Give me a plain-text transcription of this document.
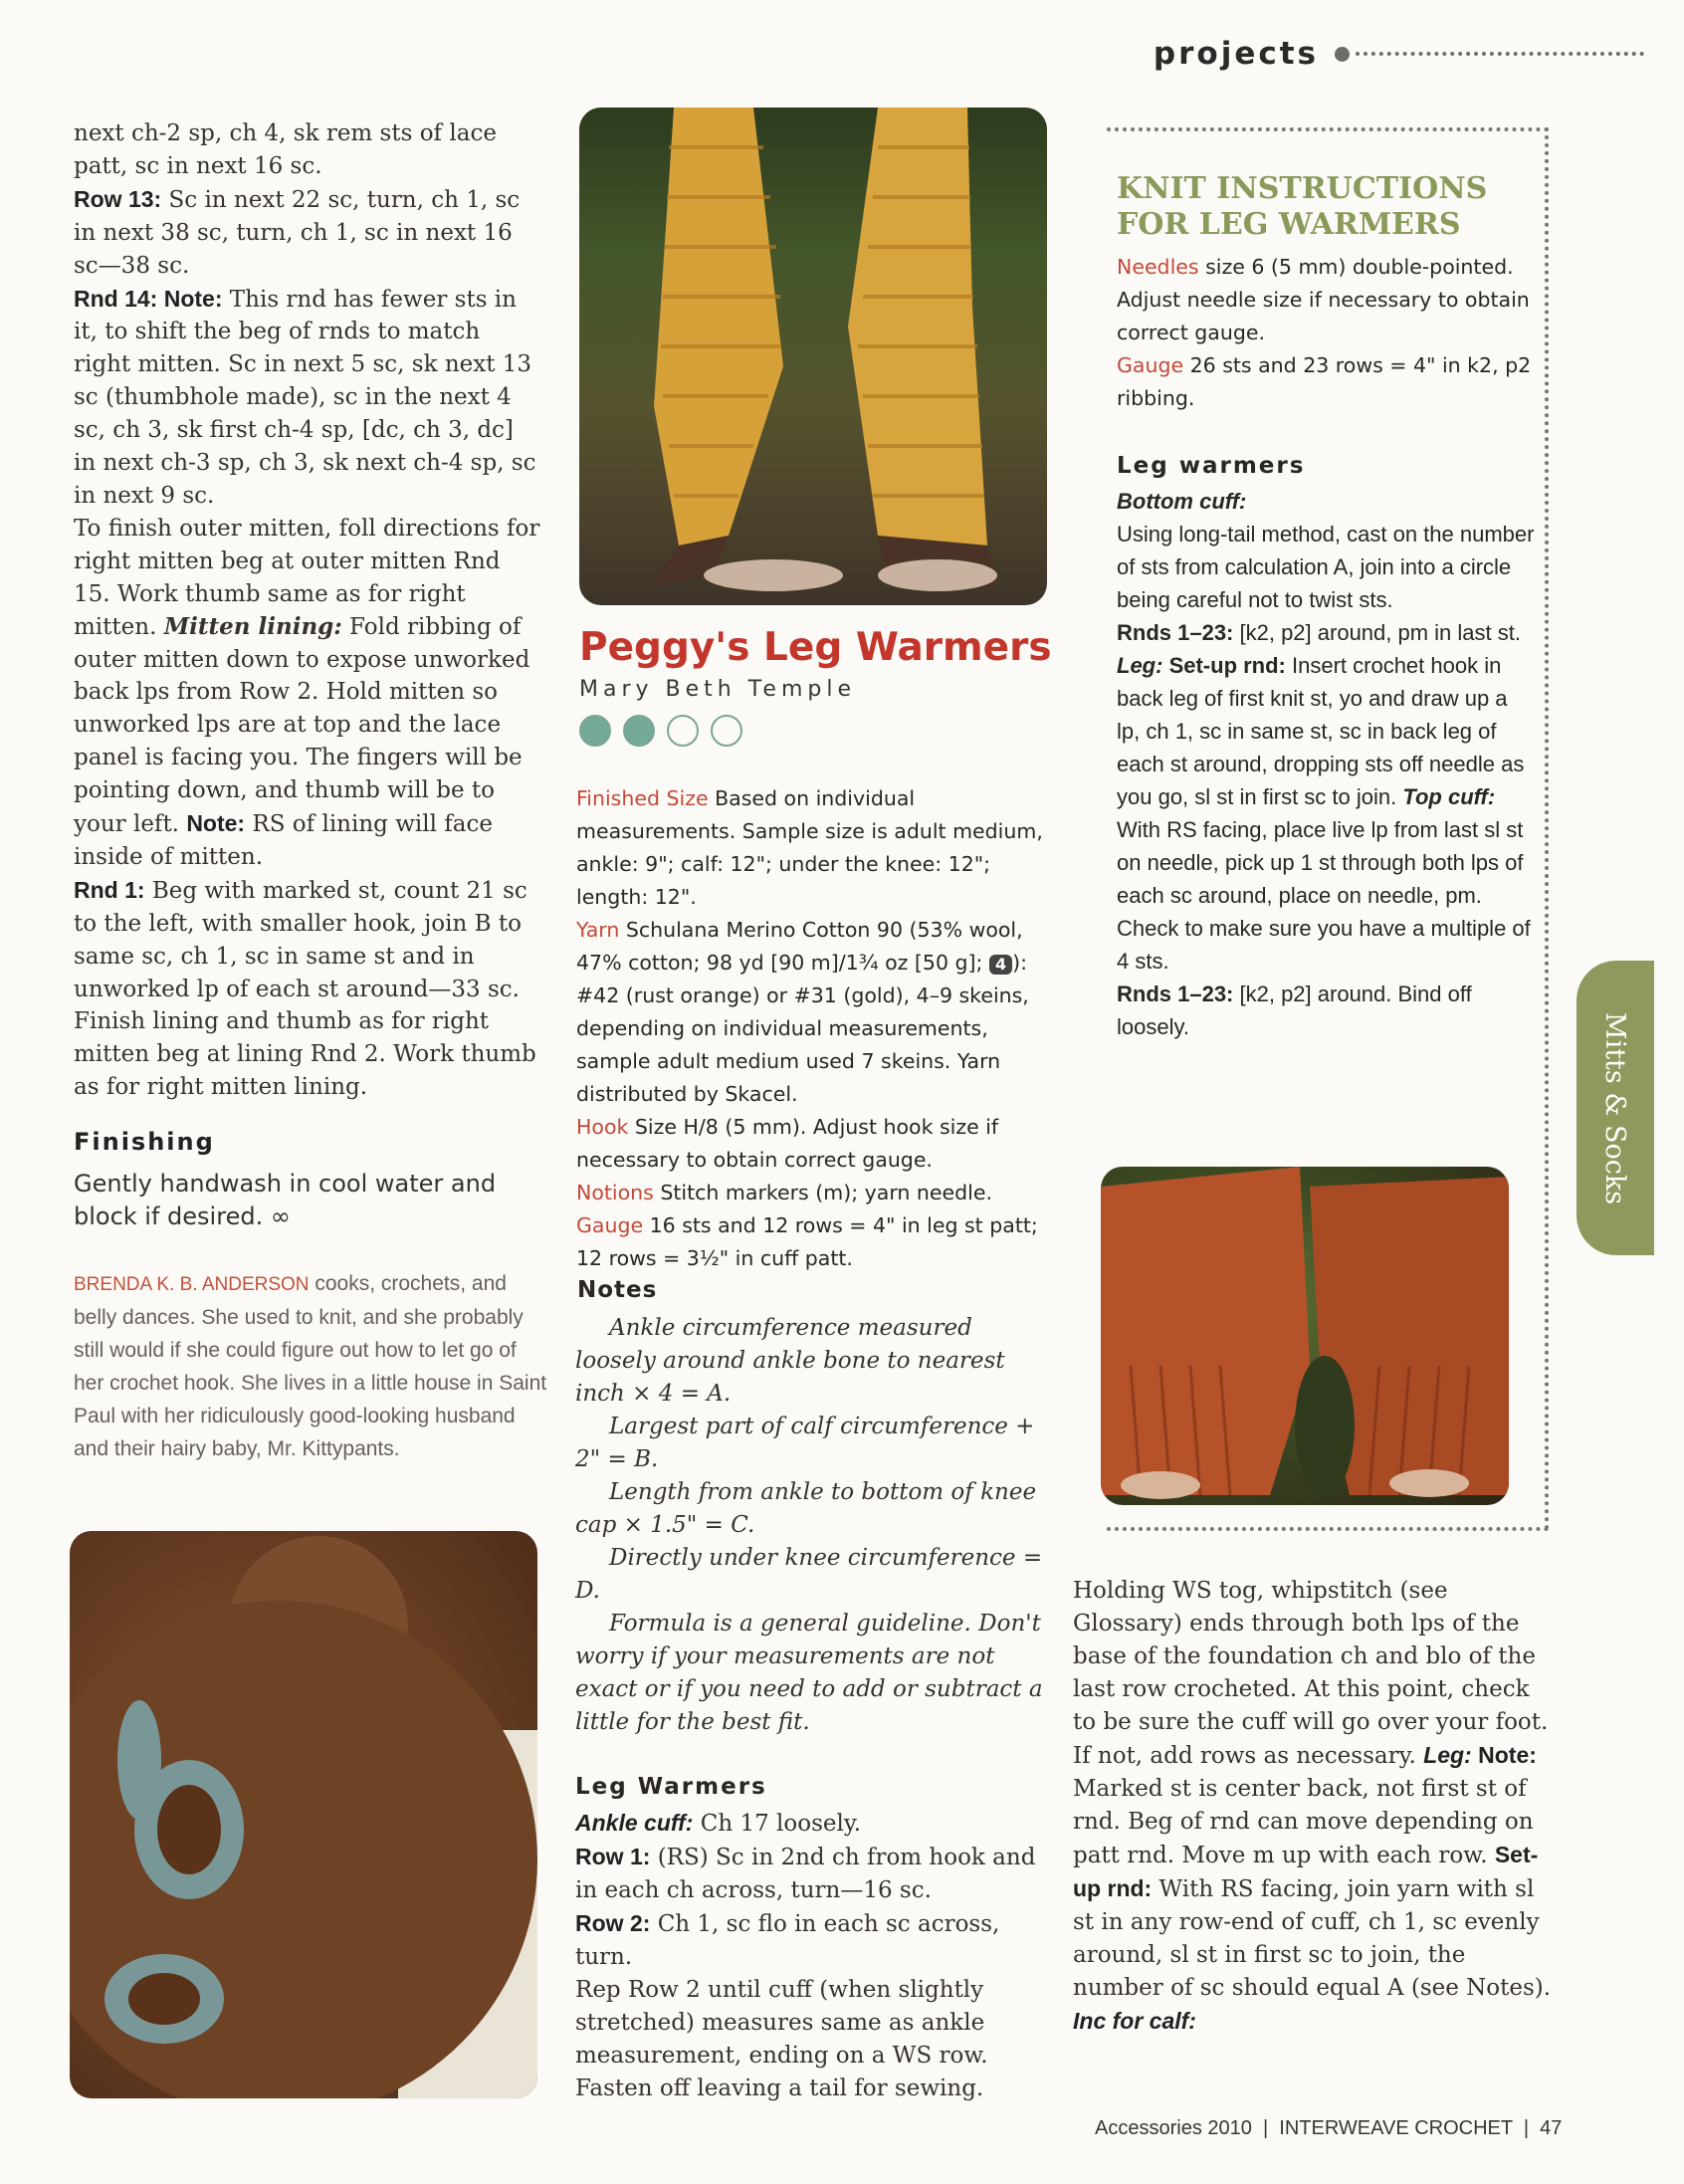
projects

next ch-2 sp, ch 4, sk rem sts of lace patt, sc in next 16 sc.

Row 13: Sc in next 22 sc, turn, ch 1, sc in next 38 sc, turn, ch 1, sc in next 16 sc—38 sc.

Rnd 14: Note: This rnd has fewer sts in it, to shift the beg of rnds to match right mitten. Sc in next 5 sc, sk next 13 sc (thumbhole made), sc in the next 4 sc, ch 3, sk first ch-4 sp, [dc, ch 3, dc] in next ch-3 sp, ch 3, sk next ch-4 sp, sc in next 9 sc.

To finish outer mitten, foll directions for right mitten beg at outer mitten Rnd 15. Work thumb same as for right mitten. Mitten lining: Fold ribbing of outer mitten down to expose unworked back lps from Row 2. Hold mitten so unworked lps are at top and the lace panel is facing you. The fingers will be pointing down, and thumb will be to your left. Note: RS of lining will face inside of mitten.

Rnd 1: Beg with marked st, count 21 sc to the left, with smaller hook, join B to same sc, ch 1, sc in same st and in unworked lp of each st around—33 sc. Finish lining and thumb as for right mitten beg at lining Rnd 2. Work thumb as for right mitten lining.

Finishing
Gently handwash in cool water and block if desired. ∞
BRENDA K. B. ANDERSON cooks, crochets, and belly dances. She used to knit, and she probably still would if she could figure out how to let go of her crochet hook. She lives in a little house in Saint Paul with her ridiculously good-looking husband and their hairy baby, Mr. Kittypants.
Peggy's Leg Warmers
Mary Beth Temple

Finished Size Based on individual measurements. Sample size is adult medium, ankle: 9"; calf: 12"; under the knee: 12"; length: 12".

Yarn Schulana Merino Cotton 90 (53% wool, 47% cotton; 98 yd [90 m]/1¾ oz [50 g]; 4 ): #42 (rust orange) or #31 (gold), 4–9 skeins, depending on individual measurements, sample adult medium used 7 skeins. Yarn distributed by Skacel.

Hook Size H/8 (5 mm). Adjust hook size if necessary to obtain correct gauge.

Notions Stitch markers (m); yarn needle.

Gauge 16 sts and 12 rows = 4" in leg st patt; 12 rows = 3½" in cuff patt.

Notes

Ankle circumference measured loosely around ankle bone to nearest inch × 4 = A.

Largest part of calf circumference + 2" = B.

Length from ankle to bottom of knee cap × 1.5" = C.

Directly under knee circumference = D.

Formula is a general guideline. Don't worry if your measurements are not exact or if you need to add or subtract a little for the best fit.

Leg Warmers

Ankle cuff: Ch 17 loosely.

Row 1: (RS) Sc in 2nd ch from hook and in each ch across, turn—16 sc.

Row 2: Ch 1, sc flo in each sc across, turn.

Rep Row 2 until cuff (when slightly stretched) measures same as ankle measurement, ending on a WS row. Fasten off leaving a tail for sewing.

KNIT INSTRUCTIONS FOR LEG WARMERS

Needles size 6 (5 mm) double-pointed. Adjust needle size if necessary to obtain correct gauge.

Gauge 26 sts and 23 rows = 4" in k2, p2 ribbing.

Leg warmers

Bottom cuff:

Using long-tail method, cast on the number of sts from calculation A, join into a circle being careful not to twist sts.

Rnds 1–23: [k2, p2] around, pm in last st.

Leg: Set-up rnd: Insert crochet hook in back leg of first knit st, yo and draw up a lp, ch 1, sc in same st, sc in back leg of each st around, dropping sts off needle as you go, sl st in first sc to join. Top cuff: With RS facing, place live lp from last sl st on needle, pick up 1 st through both lps of each sc around, place on needle, pm. Check to make sure you have a multiple of 4 sts.

Rnds 1–23: [k2, p2] around. Bind off loosely.	Mitts & Socks
Holding WS tog, whipstitch (see Glossary) ends through both lps of the base of the foundation ch and blo of the last row crocheted. At this point, check to be sure the cuff will go over your foot. If not, add rows as necessary. Leg: Note: Marked st is center back, not first st of rnd. Beg of rnd can move depending on patt rnd. Move m up with each row. Set-up rnd: With RS facing, join yarn with sl st in any row-end of cuff, ch 1, sc evenly around, sl st in first sc to join, the number of sc should equal A (see Notes).

Inc for calf:

Accessories 2010  |  INTERWEAVE CROCHET  |  47
